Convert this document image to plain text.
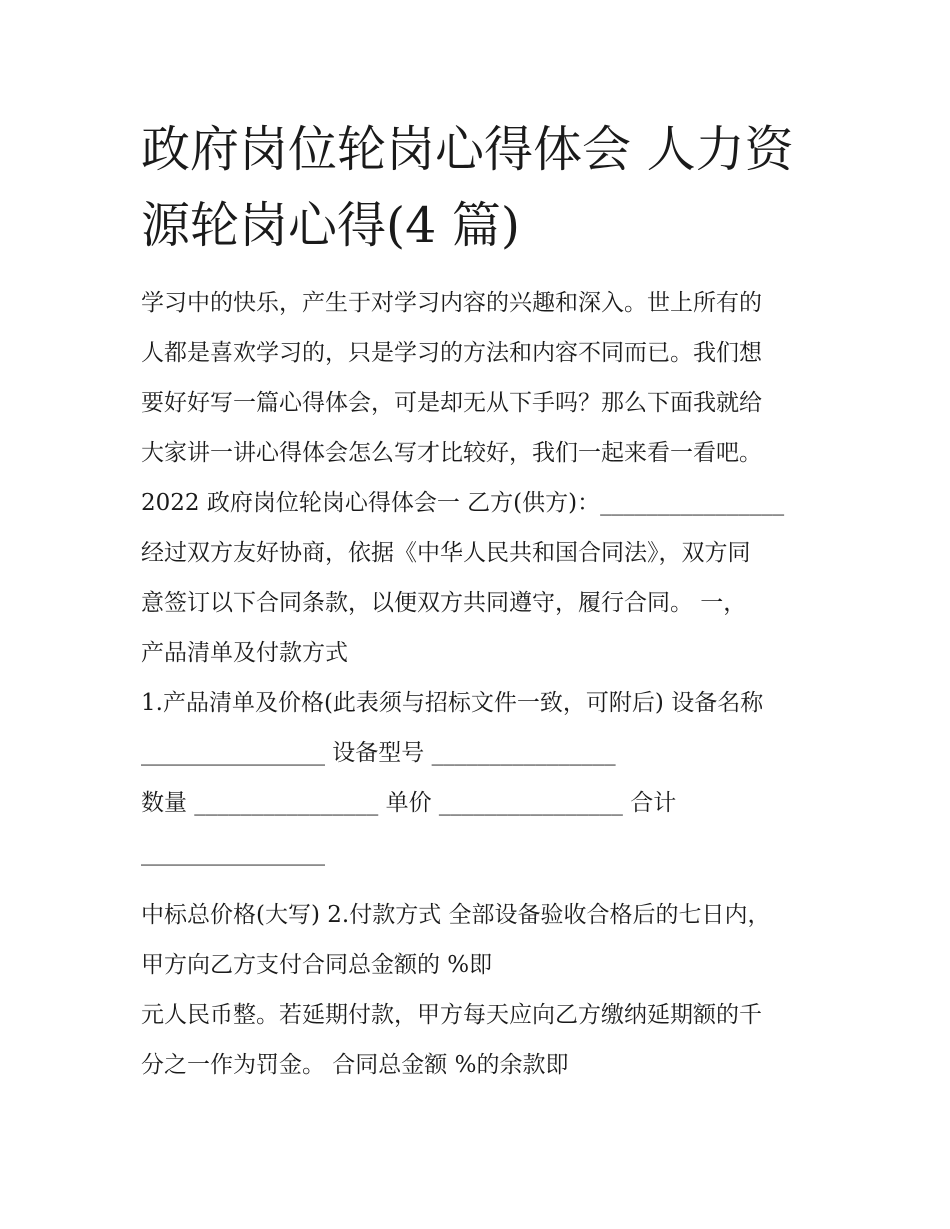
政府岗位轮岗心得体会 人力资
源轮岗心得(4 篇)
学习中的快乐，产生于对学习内容的兴趣和深入。世上所有的
人都是喜欢学习的，只是学习的方法和内容不同而已。我们想
要好好写一篇心得体会，可是却无从下手吗？那么下面我就给
大家讲一讲心得体会怎么写才比较好，我们一起来看一看吧。
2022 政府岗位轮岗心得体会一 乙方(供方)：________________
经过双方友好协商，依据《中华人民共和国合同法》，双方同
意签订以下合同条款，以便双方共同遵守，履行合同。 一，
产品清单及付款方式
1.产品清单及价格(此表须与招标文件一致，可附后) 设备名称
________________ 设备型号 ________________
数量 ________________ 单价 ________________ 合计
________________
中标总价格(大写) 2.付款方式 全部设备验收合格后的七日内，
甲方向乙方支付合同总金额的 %即
元人民币整。若延期付款，甲方每天应向乙方缴纳延期额的千
分之一作为罚金。 合同总金额 %的余款即
